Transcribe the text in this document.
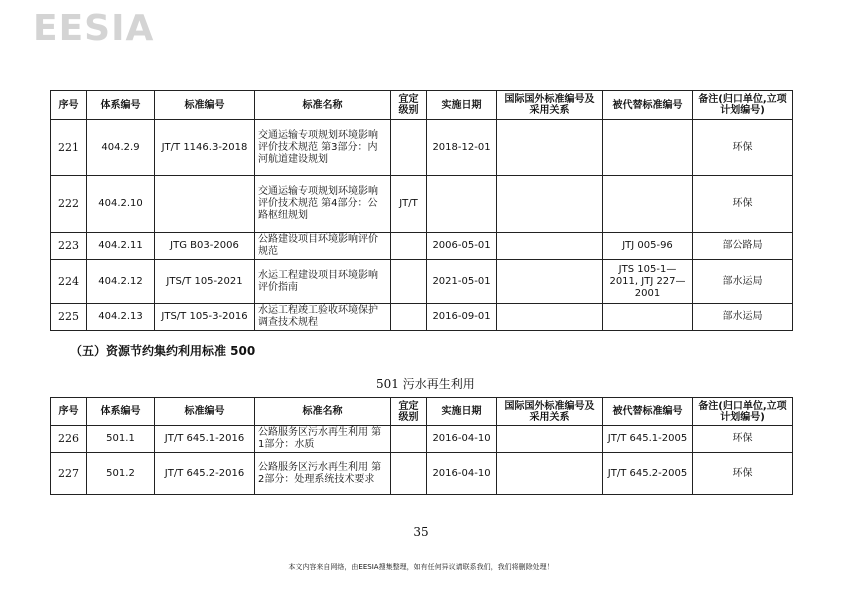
EESIA
序号	体系编号	标准编号	标准名称	宜定级别	实施日期	国际国外标准编号及采用关系	被代替标准编号	备注(归口单位,立项计划编号)
221	404.2.9	JT/T 1146.3-2018	交通运输专项规划环境影响评价技术规范 第3部分：内河航道建设规划		2018-12-01			环保
222	404.2.10		交通运输专项规划环境影响评价技术规范 第4部分：公路枢纽规划	JT/T				环保
223	404.2.11	JTG B03-2006	公路建设项目环境影响评价规范		2006-05-01		JTJ 005-96	部公路局
224	404.2.12	JTS/T 105-2021	水运工程建设项目环境影响评价指南		2021-05-01		JTS 105-1—2011, JTJ 227—2001	部水运局
225	404.2.13	JTS/T 105-3-2016	水运工程竣工验收环境保护调查技术规程		2016-09-01			部水运局
（五）资源节约集约利用标准 500
501 污水再生利用
序号	体系编号	标准编号	标准名称	宜定级别	实施日期	国际国外标准编号及采用关系	被代替标准编号	备注(归口单位,立项计划编号)
226	501.1	JT/T 645.1-2016	公路服务区污水再生利用 第1部分：水质		2016-04-10		JT/T 645.1-2005	环保
227	501.2	JT/T 645.2-2016	公路服务区污水再生利用 第2部分：处理系统技术要求		2016-04-10		JT/T 645.2-2005	环保
35
本文内容来自网络，由EESIA搜集整理，如有任何异议请联系我们，我们将删除处理！
